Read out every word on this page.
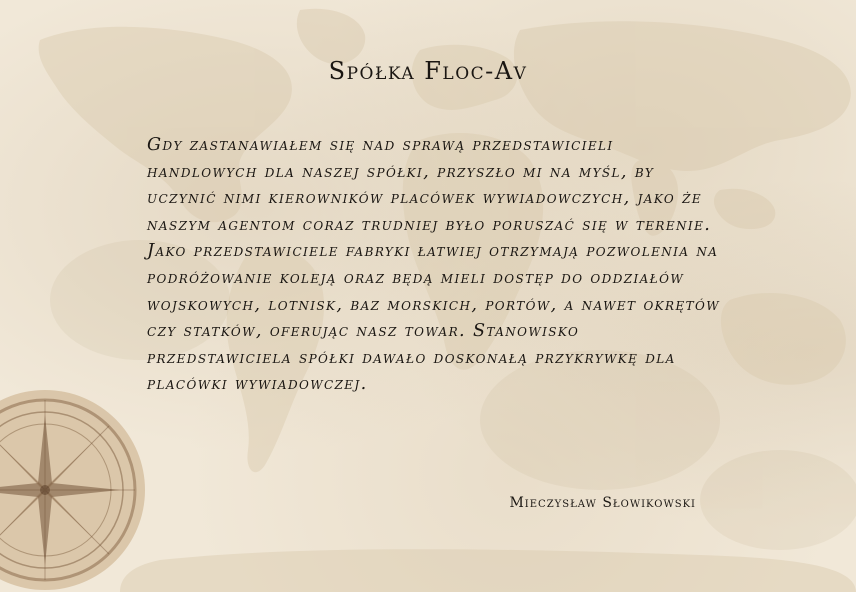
Spółka Floc-Av
Gdy zastanawiałem się nad sprawą przedstawicieli handlowych dla naszej spółki, przyszło mi na myśl, by uczynić nimi kierowników placówek wywiadowczych, jako że naszym agentom coraz trudniej było poruszać się w terenie. Jako przedstawiciele fabryki łatwiej otrzymają pozwolenia na podróżowanie koleją oraz będą mieli dostęp do oddziałów wojskowych, lotnisk, baz morskich, portów, a nawet okrętów czy statków, oferując nasz towar. Stanowisko przedstawiciela spółki dawało doskonałą przykrywkę dla placówki wywiadowczej.
Mieczysław Słowikowski
